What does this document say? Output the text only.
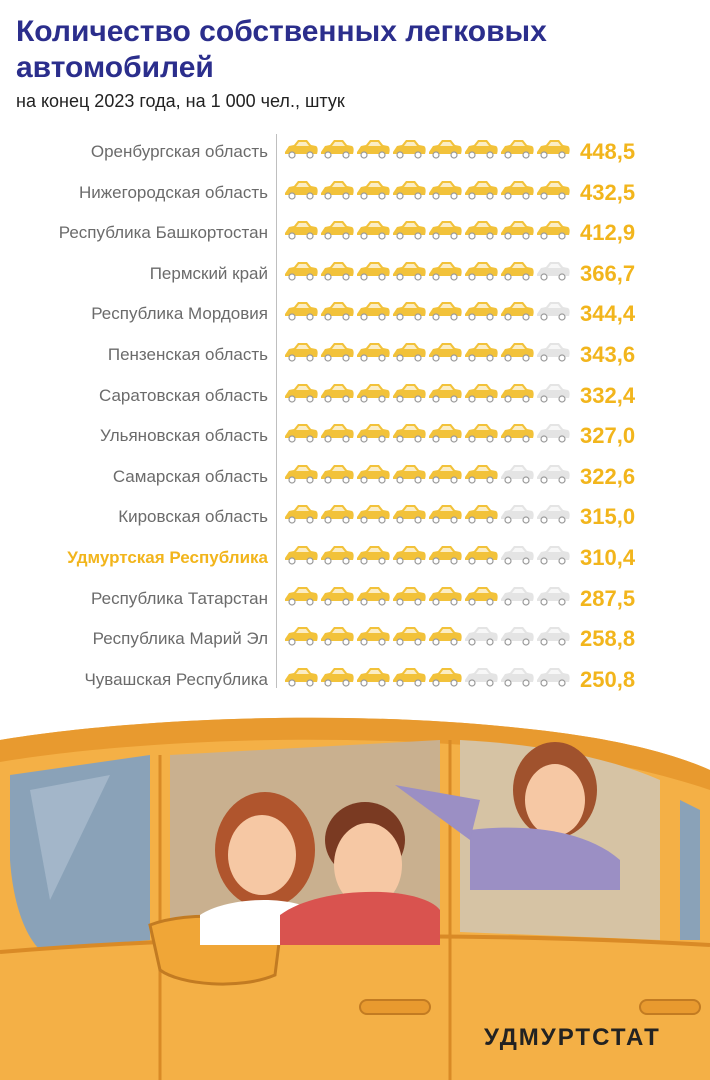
Количество собственных легковых автомобилей
на конец 2023 года, на 1 000 чел., штук
Оренбургская область	448,5
Нижегородская область	432,5
Республика Башкортостан	412,9
Пермский край	366,7
Республика Мордовия	344,4
Пензенская область	343,6
Саратовская область	332,4
Ульяновская область	327,0
Самарская область	322,6
Кировская область	315,0
Удмуртская Республика	310,4
Республика Татарстан	287,5
Республика Марий Эл	258,8
Чувашская Республика	250,8
УДМУРТСТАТ
